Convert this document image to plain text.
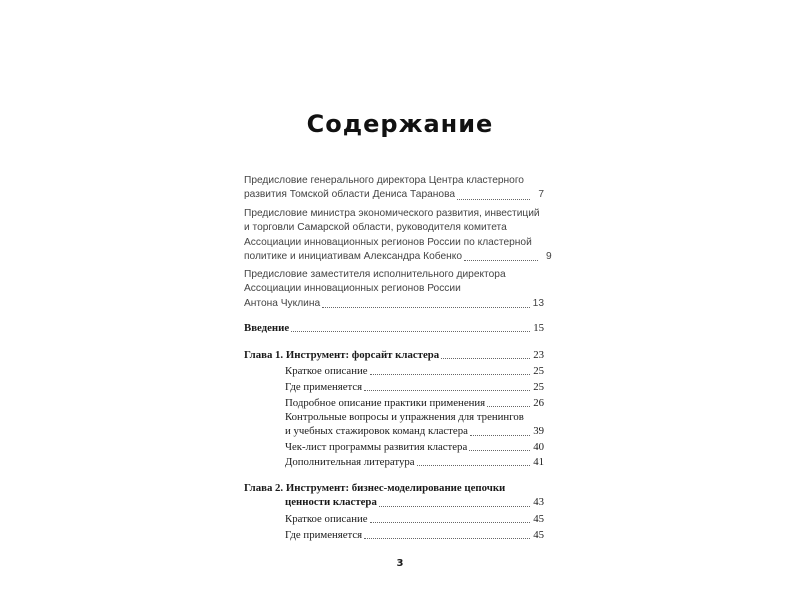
Содержание
Предисловие генерального директора Центра кластерного
развития Томской области Дениса Таранова	7
Предисловие министра экономического развития, инвестиций
и торговли Самарской области, руководителя комитета
Ассоциации инновационных регионов России по кластерной
политике и инициативам Александра Кобенко	9
Предисловие заместителя исполнительного директора
Ассоциации инновационных регионов России
Антона Чуклина	13
Введение	15
Глава 1. Инструмент: форсайт кластера	23
Краткое описание	25
Где применяется	25
Подробное описание практики применения	26
Контрольные вопросы и упражнения для тренингов
и учебных стажировок команд кластера	39
Чек-лист программы развития кластера	40
Дополнительная литература	41
Глава 2. Инструмент: бизнес-моделирование цепочки
ценности кластера	43
Краткое описание	45
Где применяется	45
3
